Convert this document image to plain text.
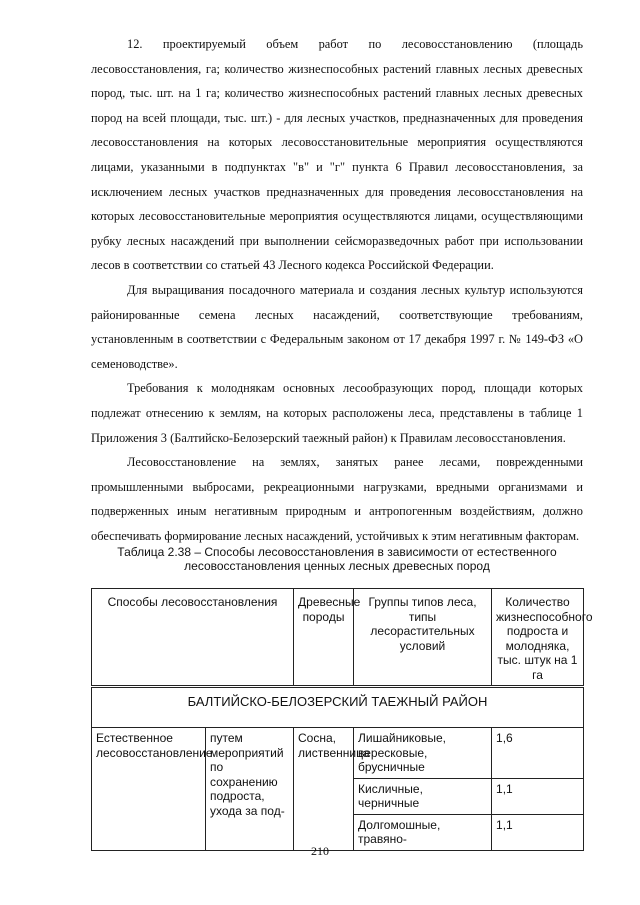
12. проектируемый объем работ по лесовосстановлению (площадь лесовосстановления, га; количество жизнеспособных растений главных лесных древесных пород, тыс. шт. на 1 га; количество жизнеспособных растений главных лесных древесных пород на всей площади, тыс. шт.) - для лесных участков, предназначенных для проведения лесовосстановления на которых лесовосстановительные мероприятия осуществляются лицами, указанными в подпунктах "в" и "г" пункта 6 Правил лесовосстановления, за исключением лесных участков предназначенных для проведения лесовосстановления на которых лесовосстановительные мероприятия осуществляются лицами, осуществляющими рубку лесных насаждений при выполнении сейсморазведочных работ при использовании лесов в соответствии со статьей 43 Лесного кодекса Российской Федерации.

Для выращивания посадочного материала и создания лесных культур используются районированные семена лесных насаждений, соответствующие требованиям, установленным в соответствии с Федеральным законом от 17 декабря 1997 г. № 149-ФЗ «О семеноводстве».

Требования к молоднякам основных лесообразующих пород, площади которых подлежат отнесению к землям, на которых расположены леса, представлены в таблице 1 Приложения 3 (Балтийско-Белозерский таежный район) к Правилам лесовосстановления.

Лесовосстановление на землях, занятых ранее лесами, поврежденными промышленными выбросами, рекреационными нагрузками, вредными организмами и подверженных иным негативным природным и антропогенным воздействиям, должно обеспечивать формирование лесных насаждений, устойчивых к этим негативным факторам.

Таблица 2.38 – Способы лесовосстановления в зависимости от естественного лесовосстановления ценных лесных древесных пород
Способы лесовосстановления		Древесные породы	Группы типов леса, типы лесорастительных условий	Количество жизнеспособного подроста и молодняка, тыс. штук на 1 га
БАЛТИЙСКО-БЕЛОЗЕРСКИЙ ТАЕЖНЫЙ РАЙОН				
Естественное лесовосстановление	путем мероприятий по сохранению подроста, ухода за под-	Сосна, лиственница	Лишайниковые, вересковые, брусничные	1,6
			Кисличные, черничные	1,1
			Долгомошные, травяно-	1,1
210
